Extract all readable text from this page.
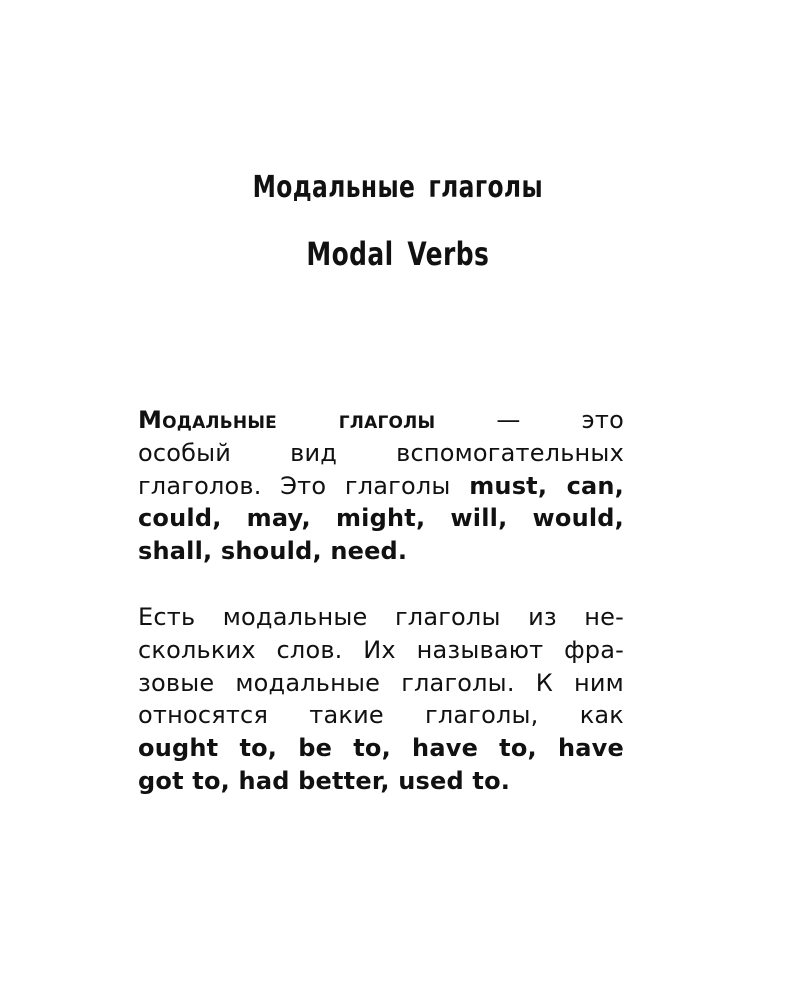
Модальные глаголы
Modal Verbs

Модальные глаголы — это

особый вид вспомогательных

глаголов. Это глаголы must, can,

could, may, might, will, would,

shall, should, need.

Есть модальные глаголы из не-

скольких слов. Их называют фра-

зовые модальные глаголы. К ним

относятся такие глаголы, как

ought to, be to, have to, have

got to, had better, used to.
